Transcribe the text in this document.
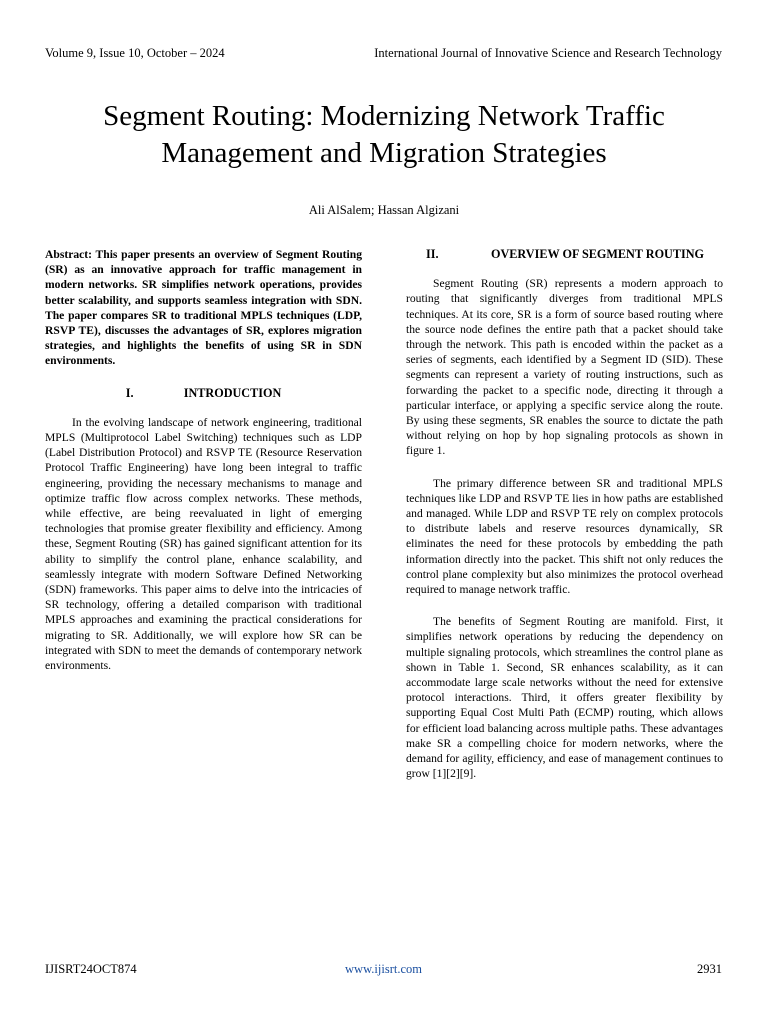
Volume 9, Issue 10, October – 2024	International Journal of Innovative Science and Research Technology
Segment Routing: Modernizing Network Traffic
Management and Migration Strategies
Ali AlSalem; Hassan Algizani

Abstract: This paper presents an overview of Segment Routing (SR) as an innovative approach for traffic management in modern networks. SR simplifies network operations, provides better scalability, and supports seamless integration with SDN. The paper compares SR to traditional MPLS techniques (LDP, RSVP TE), discusses the advantages of SR, explores migration strategies, and highlights the benefits of using SR in SDN environments.

I.	INTRODUCTION

In the evolving landscape of network engineering, traditional MPLS (Multiprotocol Label Switching) techniques such as LDP (Label Distribution Protocol) and RSVP TE (Resource Reservation Protocol Traffic Engineering) have long been integral to traffic engineering, providing the necessary mechanisms to manage and optimize traffic flow across complex networks. These methods, while effective, are being reevaluated in light of emerging technologies that promise greater flexibility and efficiency. Among these, Segment Routing (SR) has gained significant attention for its ability to simplify the control plane, enhance scalability, and seamlessly integrate with modern Software Defined Networking (SDN) frameworks. This paper aims to delve into the intricacies of SR technology, offering a detailed comparison with traditional MPLS approaches and examining the practical considerations for migrating to SR. Additionally, we will explore how SR can be integrated with SDN to meet the demands of contemporary network environments.

II.	OVERVIEW OF SEGMENT ROUTING

Segment Routing (SR) represents a modern approach to routing that significantly diverges from traditional MPLS techniques. At its core, SR is a form of source based routing where the source node defines the entire path that a packet should take through the network. This path is encoded within the packet as a series of segments, each identified by a Segment ID (SID). These segments can represent a variety of routing instructions, such as forwarding the packet to a specific node, directing it through a particular interface, or applying a specific service along the route. By using these segments, SR enables the source to dictate the path without relying on hop by hop signaling protocols as shown in figure 1.

The primary difference between SR and traditional MPLS techniques like LDP and RSVP TE lies in how paths are established and managed. While LDP and RSVP TE rely on complex protocols to distribute labels and reserve resources dynamically, SR eliminates the need for these protocols by embedding the path information directly into the packet. This shift not only reduces the control plane complexity but also minimizes the protocol overhead required to manage network traffic.

The benefits of Segment Routing are manifold. First, it simplifies network operations by reducing the dependency on multiple signaling protocols, which streamlines the control plane as shown in Table 1. Second, SR enhances scalability, as it can accommodate large scale networks without the need for extensive protocol interactions. Third, it offers greater flexibility by supporting Equal Cost Multi Path (ECMP) routing, which allows for efficient load balancing across multiple paths. These advantages make SR a compelling choice for modern networks, where the demand for agility, efficiency, and ease of management continues to grow [1][2][9].

IJISRT24OCT874	www.ijisrt.com	2931
